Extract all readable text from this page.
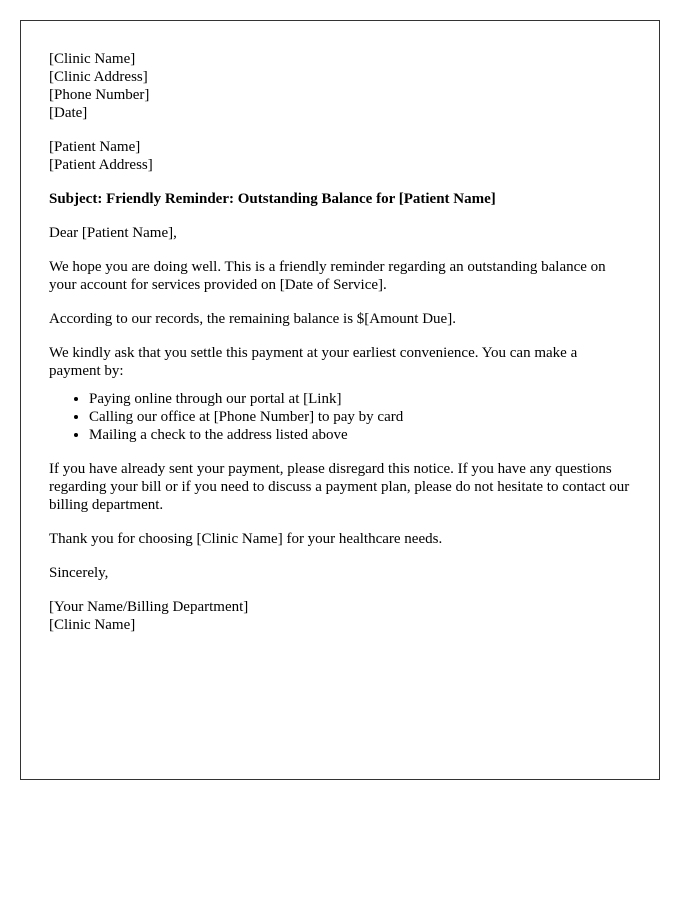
[Clinic Name]
[Clinic Address]
[Phone Number]
[Date]
[Patient Name]
[Patient Address]

Subject: Friendly Reminder: Outstanding Balance for [Patient Name]

Dear [Patient Name],

We hope you are doing well. This is a friendly reminder regarding an outstanding balance on your account for services provided on [Date of Service].

According to our records, the remaining balance is $[Amount Due].

We kindly ask that you settle this payment at your earliest convenience. You can make a payment by:

• Paying online through our portal at [Link]
• Calling our office at [Phone Number] to pay by card
• Mailing a check to the address listed above

If you have already sent your payment, please disregard this notice. If you have any questions regarding your bill or if you need to discuss a payment plan, please do not hesitate to contact our billing department.

Thank you for choosing [Clinic Name] for your healthcare needs.

Sincerely,

[Your Name/Billing Department]
[Clinic Name]
